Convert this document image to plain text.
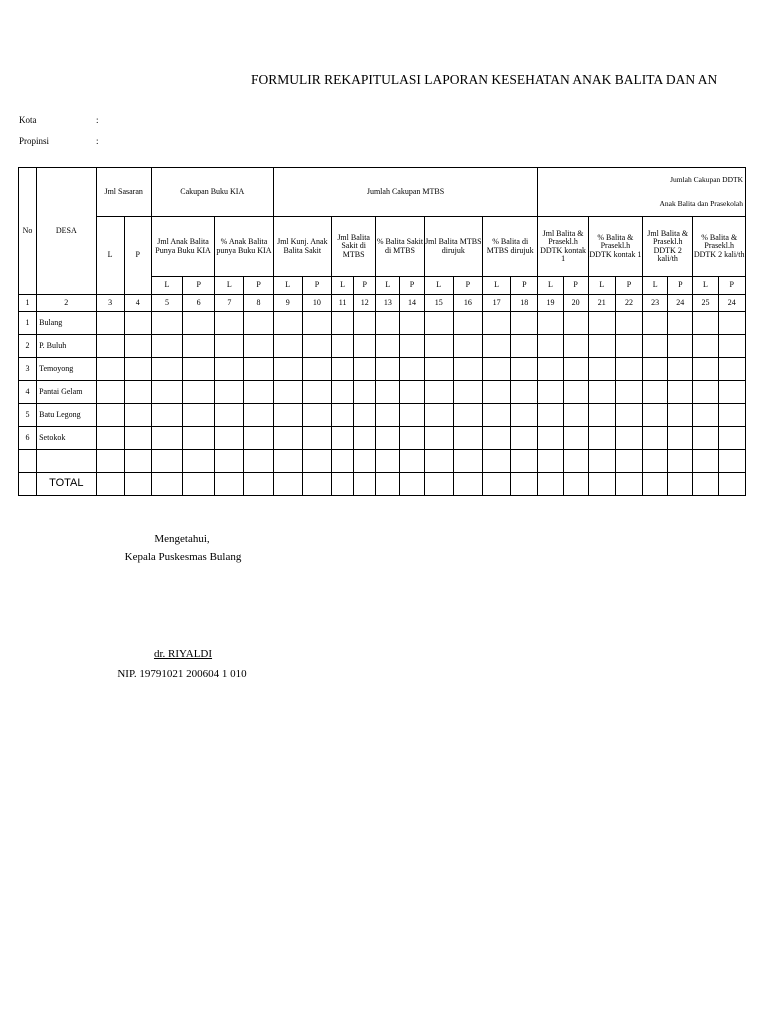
FORMULIR REKAPITULASI LAPORAN KESEHATAN ANAK BALITA DAN AN
Kota	:
Propinsi	:
No	DESA	Jml Sasaran		Cakupan Buku KIA				Jumlah Cakupan MTBS										Jumlah Cakupan DDTK
Anak Balita dan Prasekolah							

		L	P	Jml Anak Balita Punya Buku KIA		% Anak Balita punya Buku KIA		Jml Kunj. Anak Balita Sakit		Jml Balita Sakit di MTBS		% Balita Sakit di MTBS		Jml Balita MTBS dirujuk		% Balita di MTBS dirujuk		Jml Balita & Prasekl.h DDTK kontak 1		% Balita & Prasekl.h DDTK kontak 1		Jml Balita & Prasekl.h DDTK 2 kali/th		% Balita & Prasekl.h DDTK 2 kali/th	
				L	P	L	P	L	P	L	P	L	P	L	P	L	P	L	P	L	P	L	P	L	P
1	2	3	4	5	6	7	8	9	10	11	12	13	14	15	16	17	18	19	20	21	22	23	24	25	24
1	Bulang																								
2	P. Buluh																								
3	Temoyong																								
4	Pantai Gelam																								
5	Batu Legong																								
6	Setokok																								

	TOTAL																								
Mengetahui,
Kepala Puskesmas Bulang
dr. RIYALDI
NIP. 19791021 200604 1 010
